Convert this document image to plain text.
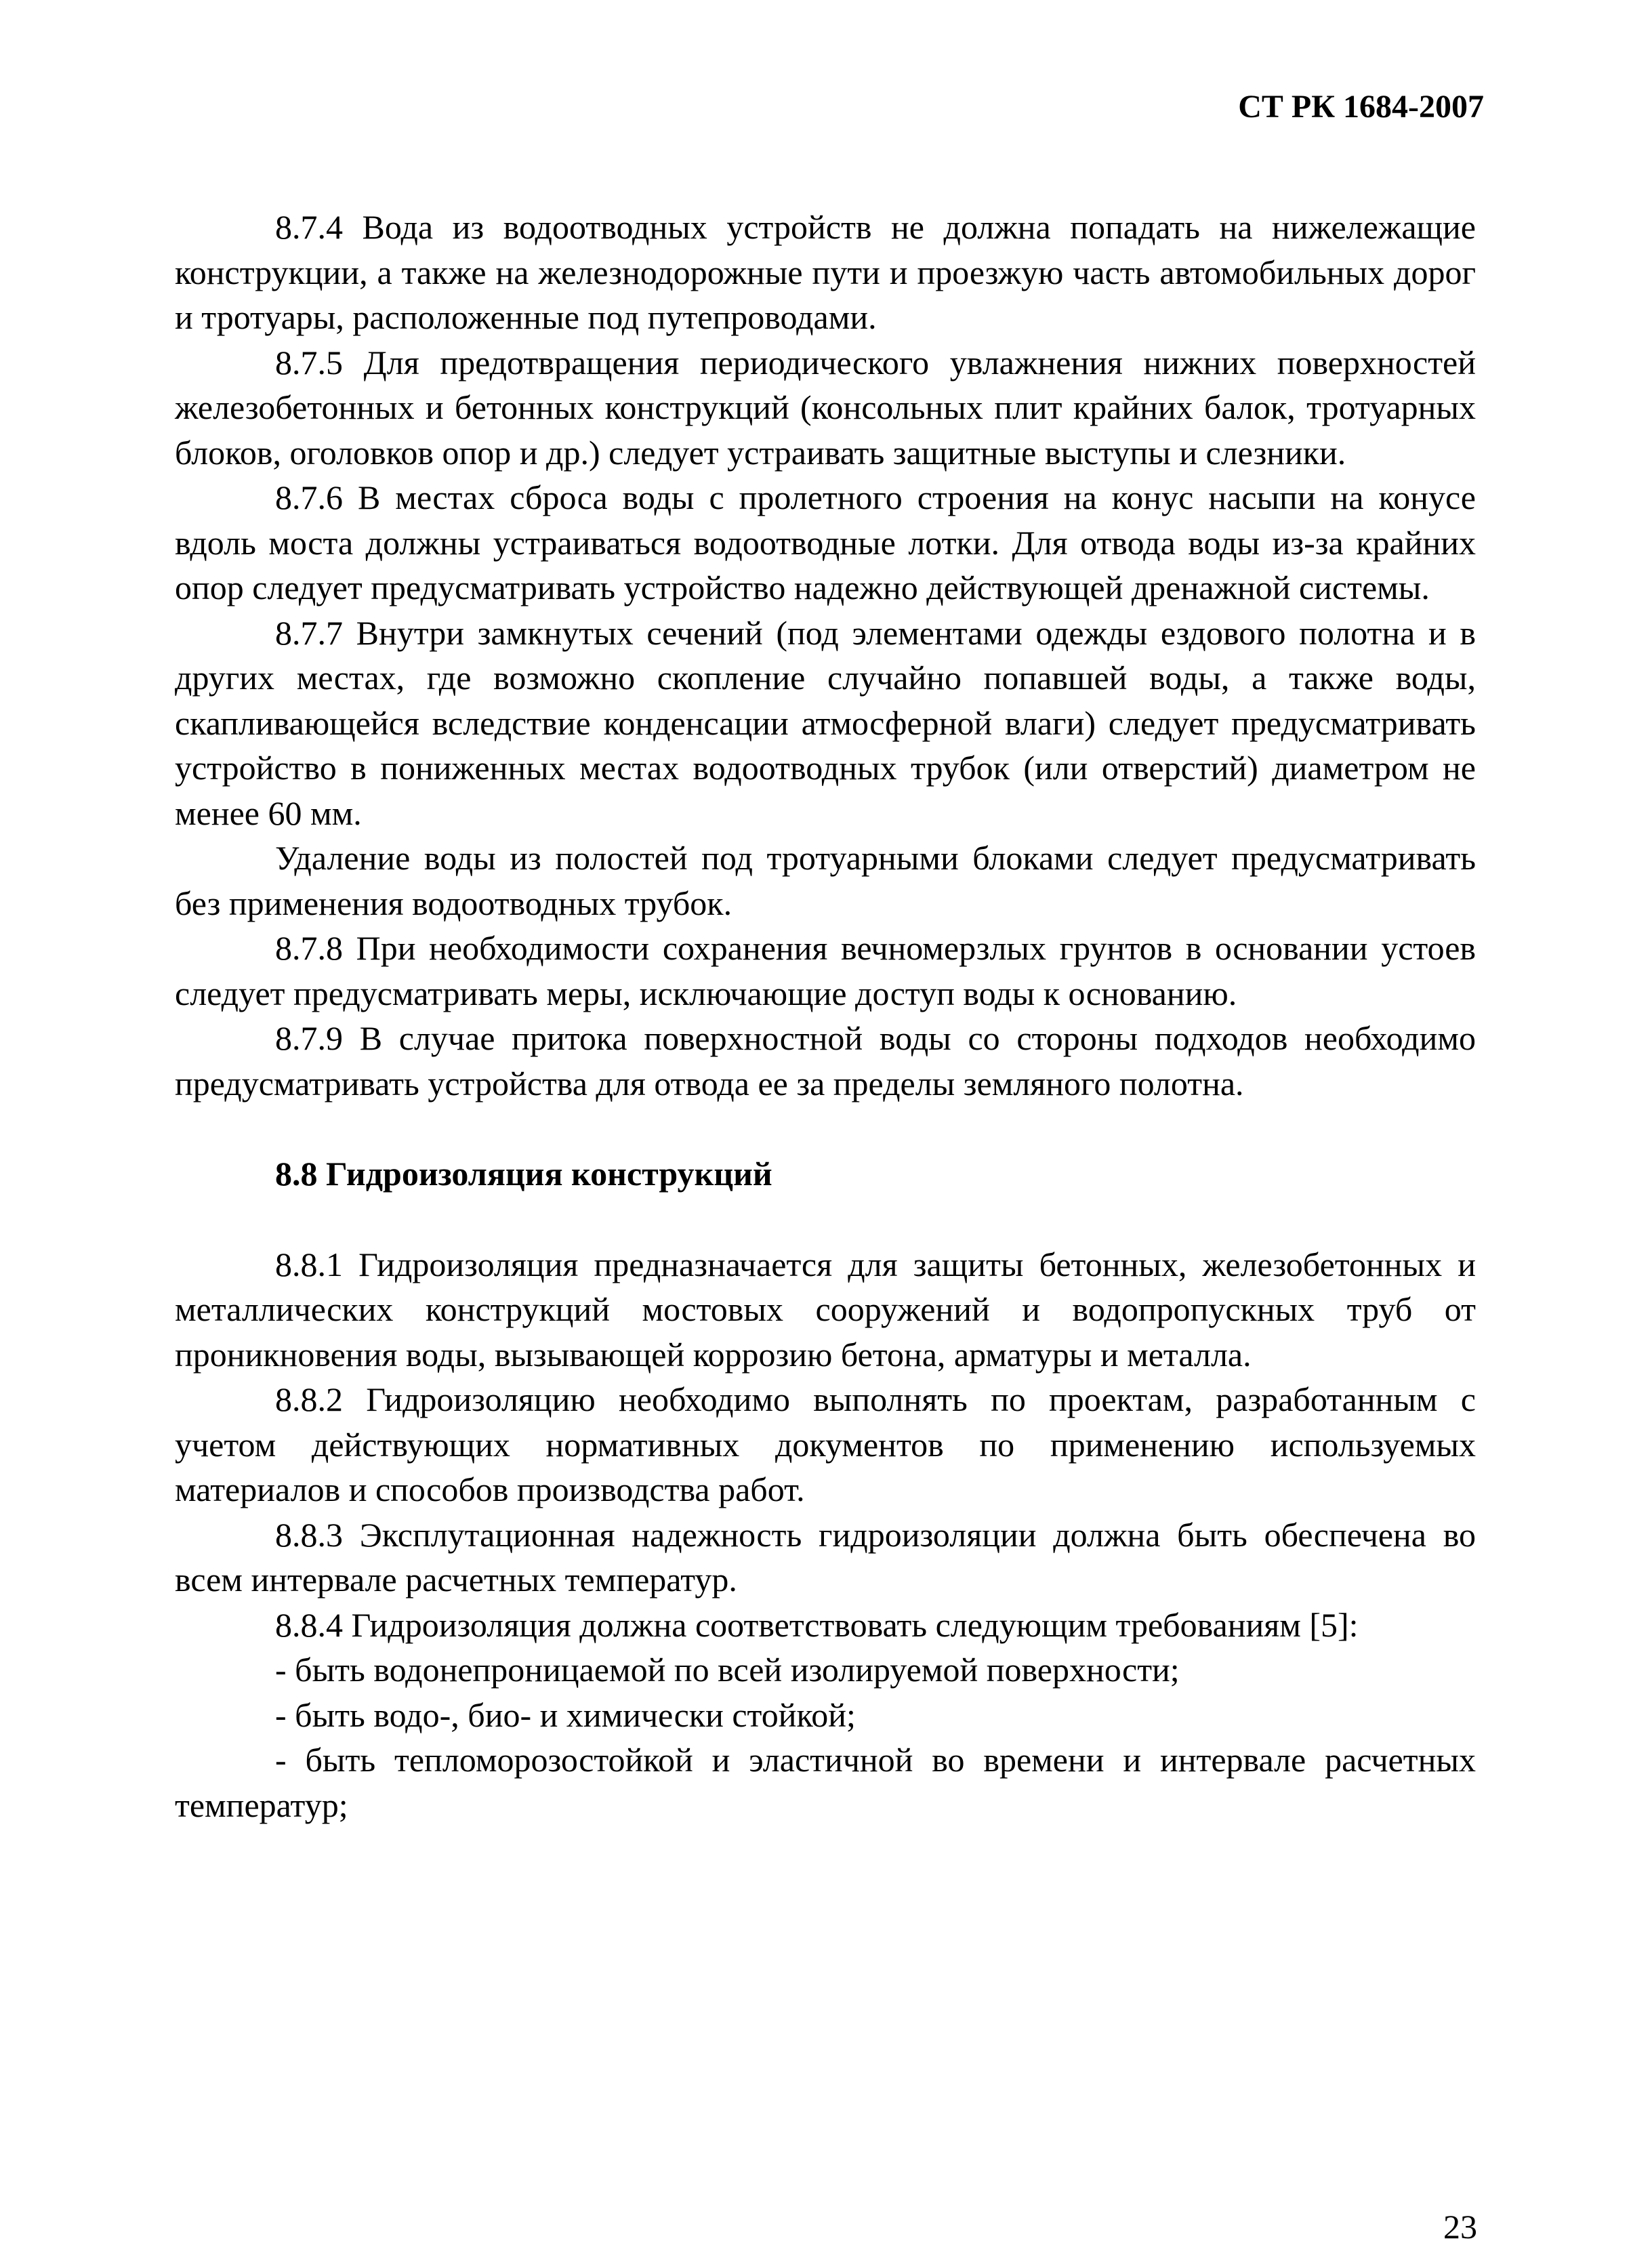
СТ РК 1684-2007

8.7.4 Вода из водоотводных устройств не должна попадать на нижележащие конструкции, а также на железнодорожные пути и проезжую часть автомобильных дорог и тротуары, расположенные под путепроводами.

8.7.5 Для предотвращения периодического увлажнения нижних поверхностей железобетонных и бетонных конструкций (консольных плит крайних балок, тротуарных блоков, оголовков опор и др.) следует устраивать защитные выступы и слезники.

8.7.6 В местах сброса воды с пролетного строения на конус насыпи на конусе вдоль моста должны устраиваться водоотводные лотки. Для отвода воды из-за крайних опор следует предусматривать устройство надежно действующей дренажной системы.

8.7.7 Внутри замкнутых сечений (под элементами одежды ездового полотна и в других местах, где возможно скопление случайно попавшей воды, а также воды, скапливающейся вследствие конденсации атмосферной влаги) следует предусматривать устройство в пониженных местах водоотводных трубок (или отверстий) диаметром не менее 60 мм.

Удаление воды из полостей под тротуарными блоками следует предусматривать без применения водоотводных трубок.

8.7.8 При необходимости сохранения вечномерзлых грунтов в основании устоев следует предусматривать меры, исключающие доступ воды к основанию.

8.7.9 В случае притока поверхностной воды со стороны подходов необходимо предусматривать устройства для отвода ее за пределы земляного полотна.

8.8 Гидроизоляция конструкций

8.8.1 Гидроизоляция предназначается для защиты бетонных, железобетонных и металлических конструкций мостовых сооружений и водопропускных труб от проникновения воды, вызывающей коррозию бетона, арматуры и металла.

8.8.2 Гидроизоляцию необходимо выполнять по проектам, разработанным с учетом действующих нормативных документов по применению используемых материалов и способов производства работ.

8.8.3 Эксплутационная надежность гидроизоляции должна быть обеспечена во всем интервале расчетных температур.

8.8.4 Гидроизоляция должна соответствовать следующим требованиям [5]:

- быть водонепроницаемой по всей изолируемой поверхности;

- быть водо-, био- и химически стойкой;

- быть тепломорозостойкой и эластичной во времени и интервале расчетных температур;

23
